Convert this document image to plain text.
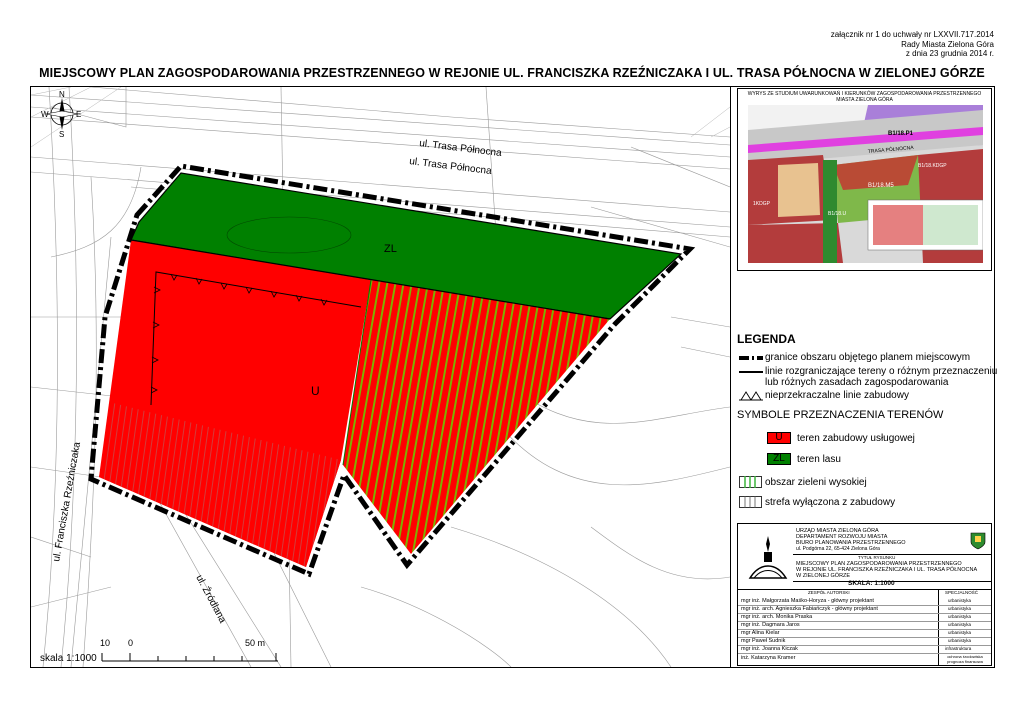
załącznik nr 1 do uchwały nr LXXVII.717.2014
Rady Miasta Zielona Góra
z dnia 23 grudnia 2014 r.
MIEJSCOWY PLAN ZAGOSPODAROWANIA PRZESTRZENNEGO W REJONIE UL. FRANCISZKA RZEŹNICZAKA I UL. TRASA PÓŁNOCNA W ZIELONEJ GÓRZE
ul. Trasa Północna
ul. Trasa Północna
ul. Franciszka Rzeźniczaka
ul. Źródlana
ZL
U
N
S
E
W
10 0	50 m
skala 1:1000
WYRYS ZE STUDIUM UWARUNKOWAŃ I KIERUNKÓW ZAGOSPODAROWANIA PRZESTRZENNEGO
MIASTA ZIELONA GÓRA
B1/18.P1
B1/18.M5
B1/18.U
TRASA PÓŁNOCNA
B1/18.KDGP
1KDGP
LEGENDA
granice obszaru objętego planem miejscowym
linie rozgraniczające tereny o różnym przeznaczeniu
lub różnych zasadach zagospodarowania
nieprzekraczalne linie zabudowy
SYMBOLE PRZEZNACZENIA TERENÓW
U	teren zabudowy usługowej
ZL	teren lasu
obszar zieleni wysokiej
strefa wyłączona z zabudowy
URZĄD MIASTA ZIELONA GÓRA
DEPARTAMENT ROZWOJU MIASTA
BIURO PLANOWANIA PRZESTRZENNEGO
ul. Podgórna 22, 65-424 Zielona Góra
TYTUŁ RYSUNKU
MIEJSCOWY PLAN ZAGOSPODAROWANIA PRZESTRZENNEGO
W REJONIE UL. FRANCISZKA RZEŹNICZAKA I UL. TRASA PÓŁNOCNA
W ZIELONEJ GÓRZE
SKALA: 1:1000
ZESPÓŁ AUTORSKI	SPECJALNOŚĆ
mgr inż. Małgorzata Maśko-Horyza - główny projektant	urbanistyka
mgr inż. arch. Agnieszka Fabiańczyk - główny projektant	urbanistyka
mgr inż. arch. Monika Praska	urbanistyka
mgr inż. Dagmara Jaros	urbanistyka
mgr Alina Kielar	urbanistyka
mgr Paweł Sudnik	urbanistyka
mgr inż. Joanna Kiczak	infrastruktura
inż. Katarzyna Kramer	ochrona środowiska prognoza finansowa
